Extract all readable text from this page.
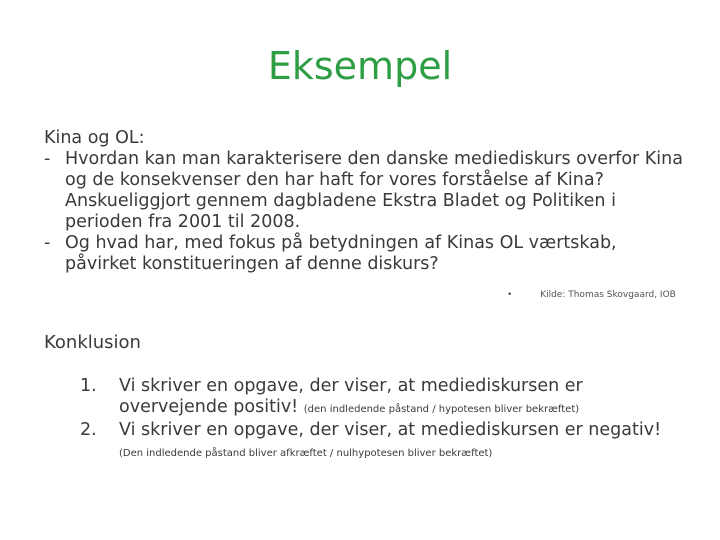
Eksempel
Kina og OL:
- Hvordan kan man karakterisere den danske mediediskurs overfor Kina og de konsekvenser den har haft for vores forståelse af Kina? Anskueliggjort gennem dagbladene Ekstra Bladet og Politiken i perioden fra 2001 til 2008.
- Og hvad har, med fokus på betydningen af Kinas OL værtskab, påvirket konstitueringen af denne diskurs?
•	Kilde: Thomas Skovgaard, IOB
Konklusion
1. Vi skriver en opgave, der viser, at mediediskursen er overvejende positiv! (den indledende påstand / hypotesen bliver bekræftet)
2. Vi skriver en opgave, der viser, at mediediskursen er negativ! (Den indledende påstand bliver afkræftet / nulhypotesen bliver bekræftet)
